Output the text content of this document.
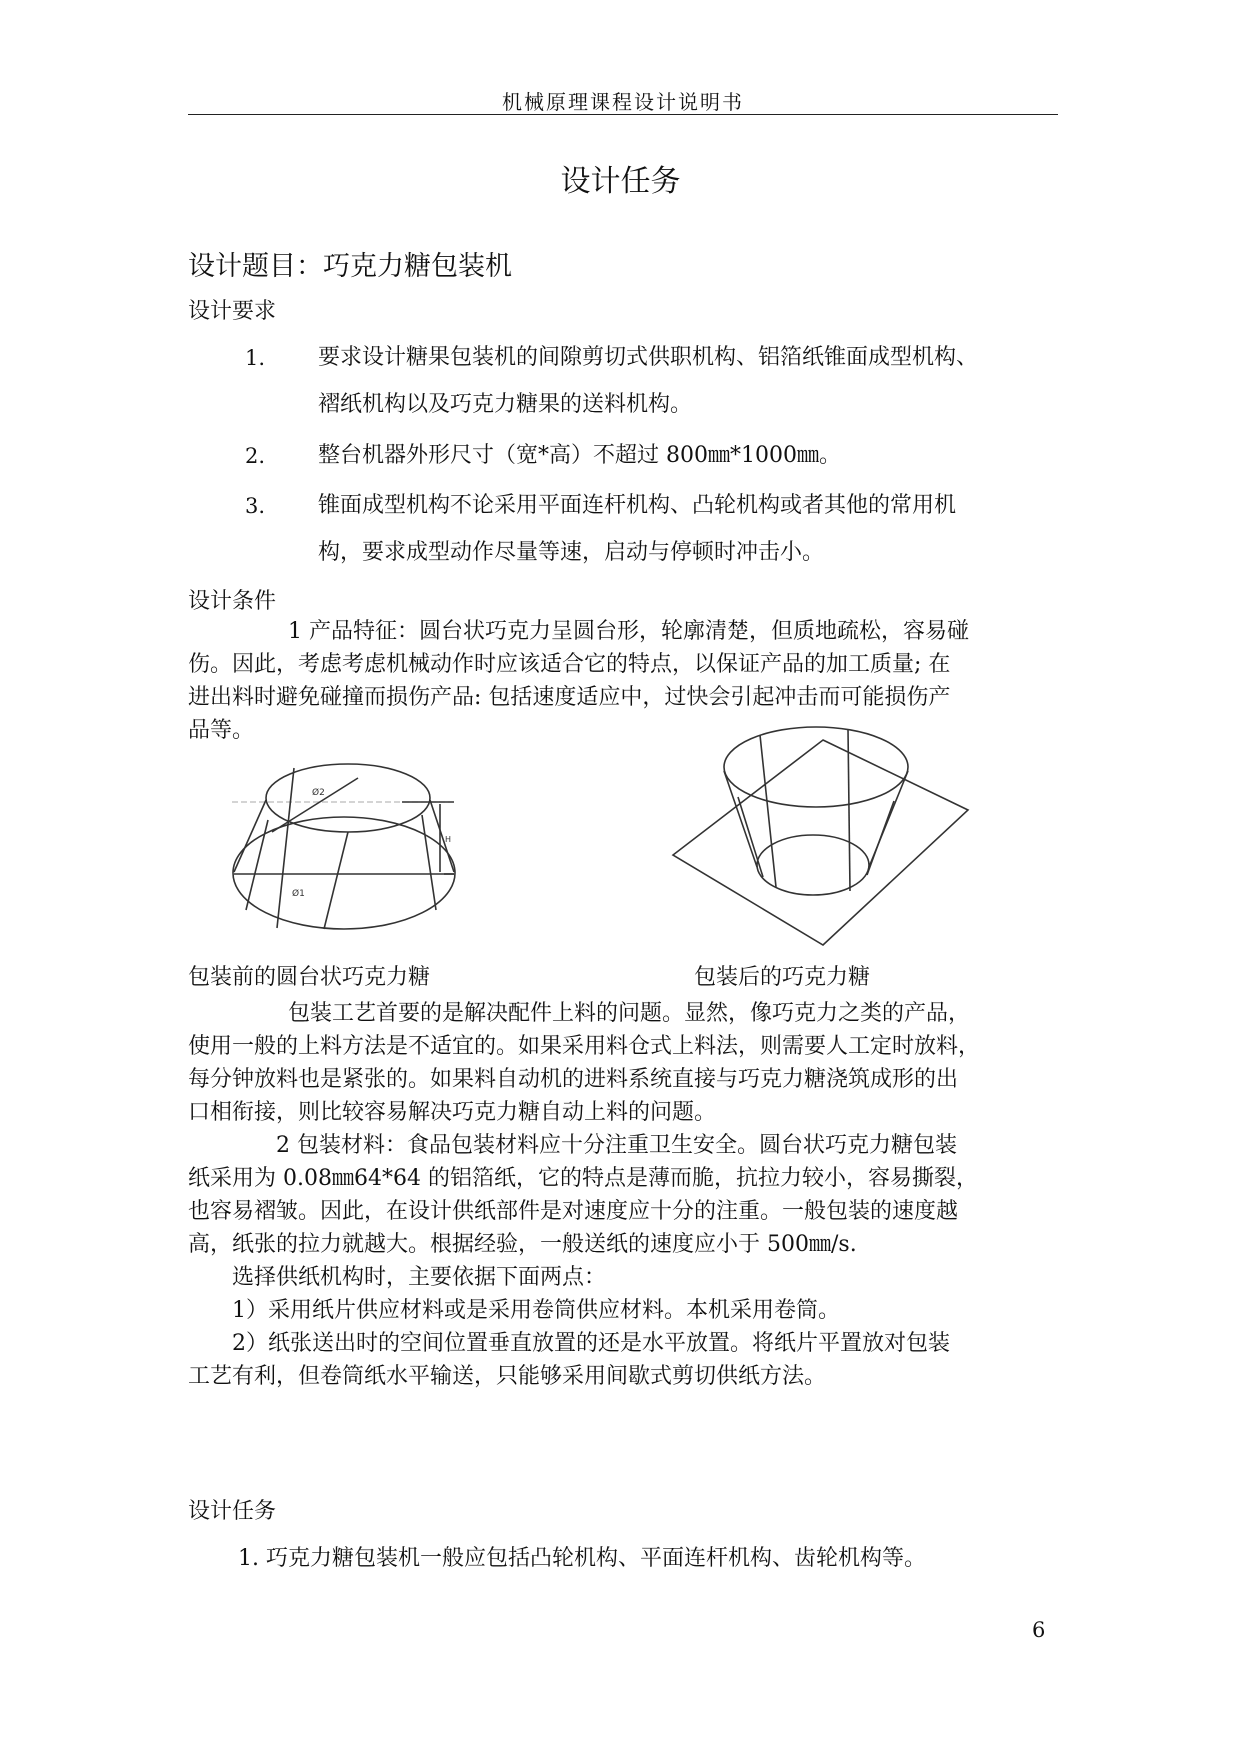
机械原理课程设计说明书
设计任务
设计题目：巧克力糖包装机
设计要求
1. 要求设计糖果包装机的间隙剪切式供职机构、铝箔纸锥面成型机构、
褶纸机构以及巧克力糖果的送料机构。
2. 整台机器外形尺寸（宽*高）不超过 800㎜*1000㎜。
3. 锥面成型机构不论采用平面连杆机构、凸轮机构或者其他的常用机
构，要求成型动作尽量等速，启动与停顿时冲击小。
设计条件
1 产品特征：圆台状巧克力呈圆台形，轮廓清楚，但质地疏松，容易碰
伤。因此，考虑考虑机械动作时应该适合它的特点，以保证产品的加工质量; 在
进出料时避免碰撞而损伤产品: 包括速度适应中，过快会引起冲击而可能损伤产
品等。
Ø2
H
Ø1
包装前的圆台状巧克力糖	包装后的巧克力糖
包装工艺首要的是解决配件上料的问题。显然，像巧克力之类的产品，
使用一般的上料方法是不适宜的。如果采用料仓式上料法，则需要人工定时放料，
每分钟放料也是紧张的。如果料自动机的进料系统直接与巧克力糖浇筑成形的出
口相衔接，则比较容易解决巧克力糖自动上料的问题。
2 包装材料：食品包装材料应十分注重卫生安全。圆台状巧克力糖包装
纸采用为 0.08㎜64*64 的铝箔纸，它的特点是薄而脆，抗拉力较小，容易撕裂，
也容易褶皱。因此，在设计供纸部件是对速度应十分的注重。一般包装的速度越
高，纸张的拉力就越大。根据经验，一般送纸的速度应小于 500㎜/s.
选择供纸机构时，主要依据下面两点：
1）采用纸片供应材料或是采用卷筒供应材料。本机采用卷筒。
2）纸张送出时的空间位置垂直放置的还是水平放置。将纸片平置放对包装
工艺有利，但卷筒纸水平输送，只能够采用间歇式剪切供纸方法。
设计任务
1. 巧克力糖包装机一般应包括凸轮机构、平面连杆机构、齿轮机构等。
6
